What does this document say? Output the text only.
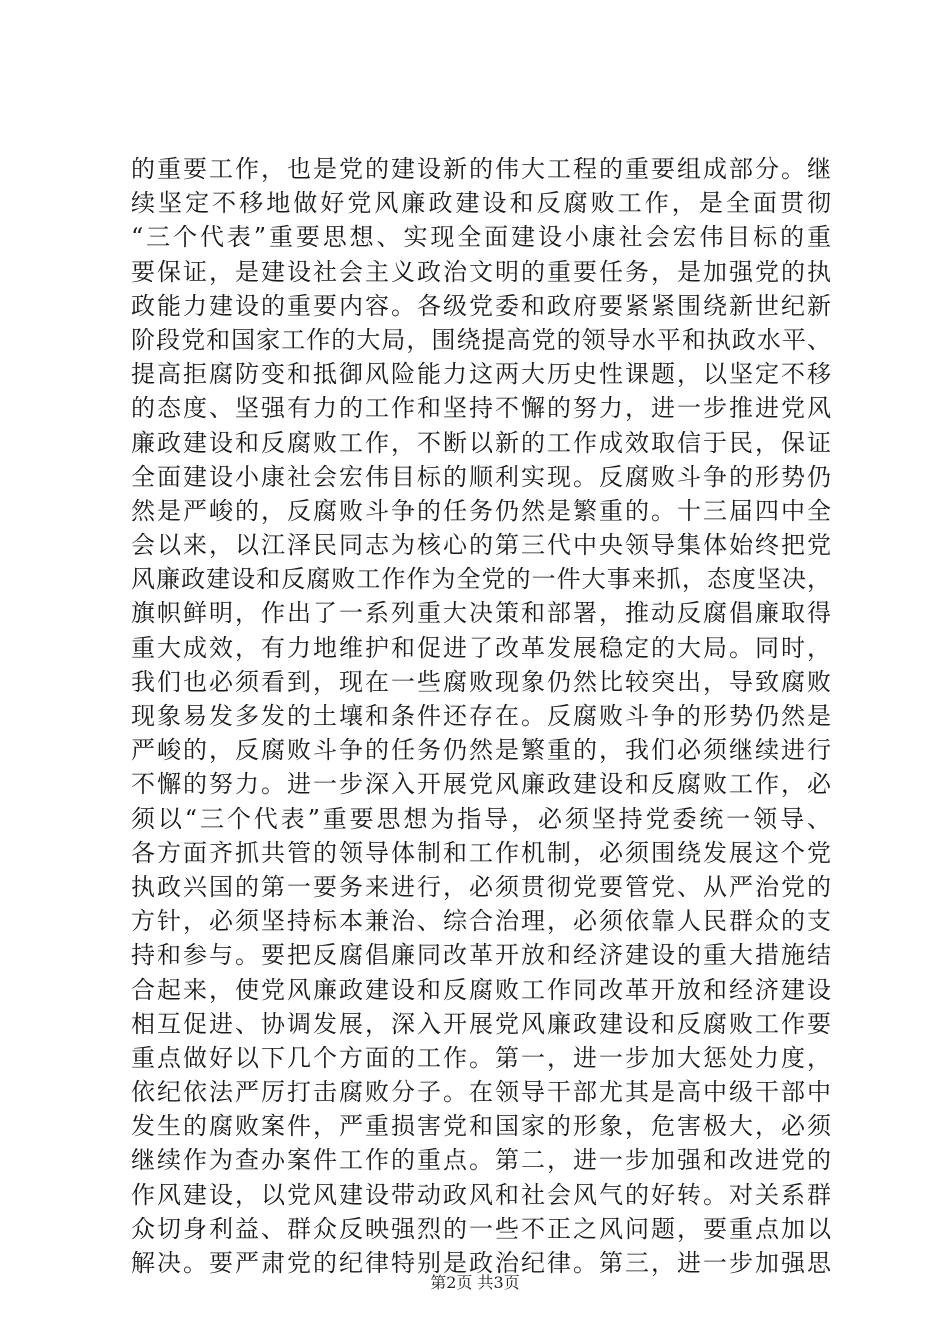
的重要工作，也是党的建设新的伟大工程的重要组成部分。继
续坚定不移地做好党风廉政建设和反腐败工作，是全面贯彻
“三个代表”重要思想、实现全面建设小康社会宏伟目标的重
要保证，是建设社会主义政治文明的重要任务，是加强党的执
政能力建设的重要内容。各级党委和政府要紧紧围绕新世纪新
阶段党和国家工作的大局，围绕提高党的领导水平和执政水平、
提高拒腐防变和抵御风险能力这两大历史性课题，以坚定不移
的态度、坚强有力的工作和坚持不懈的努力，进一步推进党风
廉政建设和反腐败工作，不断以新的工作成效取信于民，保证
全面建设小康社会宏伟目标的顺利实现。反腐败斗争的形势仍
然是严峻的，反腐败斗争的任务仍然是繁重的。十三届四中全
会以来，以江泽民同志为核心的第三代中央领导集体始终把党
风廉政建设和反腐败工作作为全党的一件大事来抓，态度坚决，
旗帜鲜明，作出了一系列重大决策和部署，推动反腐倡廉取得
重大成效，有力地维护和促进了改革发展稳定的大局。同时，
我们也必须看到，现在一些腐败现象仍然比较突出，导致腐败
现象易发多发的土壤和条件还存在。反腐败斗争的形势仍然是
严峻的，反腐败斗争的任务仍然是繁重的，我们必须继续进行
不懈的努力。进一步深入开展党风廉政建设和反腐败工作，必
须以“三个代表”重要思想为指导，必须坚持党委统一领导、
各方面齐抓共管的领导体制和工作机制，必须围绕发展这个党
执政兴国的第一要务来进行，必须贯彻党要管党、从严治党的
方针，必须坚持标本兼治、综合治理，必须依靠人民群众的支
持和参与。要把反腐倡廉同改革开放和经济建设的重大措施结
合起来，使党风廉政建设和反腐败工作同改革开放和经济建设
相互促进、协调发展，深入开展党风廉政建设和反腐败工作要
重点做好以下几个方面的工作。第一，进一步加大惩处力度，
依纪依法严厉打击腐败分子。在领导干部尤其是高中级干部中
发生的腐败案件，严重损害党和国家的形象，危害极大，必须
继续作为查办案件工作的重点。第二，进一步加强和改进党的
作风建设，以党风建设带动政风和社会风气的好转。对关系群
众切身利益、群众反映强烈的一些不正之风问题，要重点加以
解决。要严肃党的纪律特别是政治纪律。第三，进一步加强思
第2页 共3页
